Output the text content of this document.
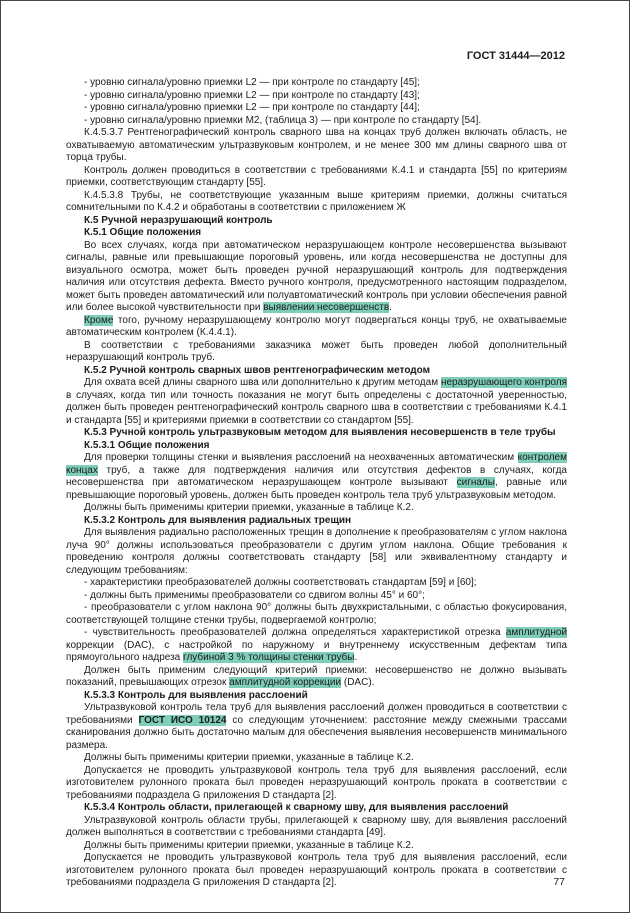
ГОСТ 31444—2012

- уровню сигнала/уровню приемки L2 — при контроле по стандарту [45];

- уровню сигнала/уровню приемки L2 — при контроле по стандарту [43];

- уровню сигнала/уровню приемки L2 — при контроле по стандарту [44];

- уровню сигнала/уровню приемки М2, (таблица 3) — при контроле по стандарту [54].

К.4.5.3.7 Рентгенографический контроль сварного шва на концах труб должен включать область, не охватываемую автоматическим ультразвуковым контролем, и не менее 300 мм длины сварного шва от торца трубы.

Контроль должен проводиться в соответствии с требованиями К.4.1 и стандарта [55] по критериям приемки, соответствующим стандарту [55].

К.4.5.3.8 Трубы, не соответствующие указанным выше критериям приемки, должны считаться сомнительными по К.4.2 и обработаны в соответствии с приложением Ж

К.5 Ручной неразрушающий контроль

К.5.1 Общие положения

Во всех случаях, когда при автоматическом неразрушающем контроле несовершенства вызывают сигналы, равные или превышающие пороговый уровень, или когда несовершенства не доступны для визуального осмотра, может быть проведен ручной неразрушающий контроль для подтверждения наличия или отсутствия дефекта. Вместо ручного контроля, предусмотренного настоящим подразделом, может быть проведен автоматический или полуавтоматический контроль при условии обеспечения равной или более высокой чувствительности при выявлении несовершенств.

Кроме того, ручному неразрушающему контролю могут подвергаться концы труб, не охватываемые автоматическим контролем (К.4.4.1).

В соответствии с требованиями заказчика может быть проведен любой дополнительный неразрушающий контроль труб.

К.5.2 Ручной контроль сварных швов рентгенографическим методом

Для охвата всей длины сварного шва или дополнительно к другим методам неразрушающего контроля в случаях, когда тип или точность показания не могут быть определены с достаточной уверенностью, должен быть проведен рентгенографический контроль сварного шва в соответствии с требованиями К.4.1 и стандарта [55] и критериями приемки в соответствии со стандартом [55].

К.5.3 Ручной контроль ультразвуковым методом для выявления несовершенств в теле трубы

К.5.3.1 Общие положения

Для проверки толщины стенки и выявления расслоений на неохваченных автоматическим контролем концах труб, а также для подтверждения наличия или отсутствия дефектов в случаях, когда несовершенства при автоматическом неразрушающем контроле вызывают сигналы, равные или превышающие пороговый уровень, должен быть проведен контроль тела труб ультразвуковым методом.

Должны быть применимы критерии приемки, указанные в таблице К.2.

К.5.3.2 Контроль для выявления радиальных трещин

Для выявления радиально расположенных трещин в дополнение к преобразователям с углом наклона луча 90° должны использоваться преобразователи с другим углом наклона. Общие требования к проведению контроля должны соответствовать стандарту [58] или эквивалентному стандарту и следующим требованиям:

- характеристики преобразователей должны соответствовать стандартам [59] и [60];

- должны быть применимы преобразователи со сдвигом волны 45° и 60°;

- преобразователи с углом наклона 90° должны быть двухкристальными, с областью фокусирования, соответствующей толщине стенки трубы, подвергаемой контролю;

- чувствительность преобразователей должна определяться характеристикой отрезка амплитудной коррекции (DAC), с настройкой по наружному и внутреннему искусственным дефектам типа прямоугольного надреза глубиной 3 % толщины стенки трубы.

Должен быть применим следующий критерий приемки: несовершенство не должно вызывать показаний, превышающих отрезок амплитудной коррекции (DAC).

К.5.3.3 Контроль для выявления расслоений

Ультразвуковой контроль тела труб для выявления расслоений должен проводиться в соответствии с требованиями ГОСТ ИСО 10124 со следующим уточнением: расстояние между смежными трассами сканирования должно быть достаточно малым для обеспечения выявления несовершенств минимального размера.

Должны быть применимы критерии приемки, указанные в таблице К.2.

Допускается не проводить ультразвуковой контроль тела труб для выявления расслоений, если изготовителем рулонного проката был проведен неразрушающий контроль проката в соответствии с требованиями подраздела G приложения D стандарта [2].

К.5.3.4 Контроль области, прилегающей к сварному шву, для выявления расслоений

Ультразвуковой контроль области трубы, прилегающей к сварному шву, для выявления расслоений должен выполняться в соответствии с требованиями стандарта [49].

Должны быть применимы критерии приемки, указанные в таблице К.2.

Допускается не проводить ультразвуковой контроль тела труб для выявления расслоений, если изготовителем рулонного проката был проведен неразрушающий контроль проката в соответствии с требованиями подраздела G приложения D стандарта [2].	77
